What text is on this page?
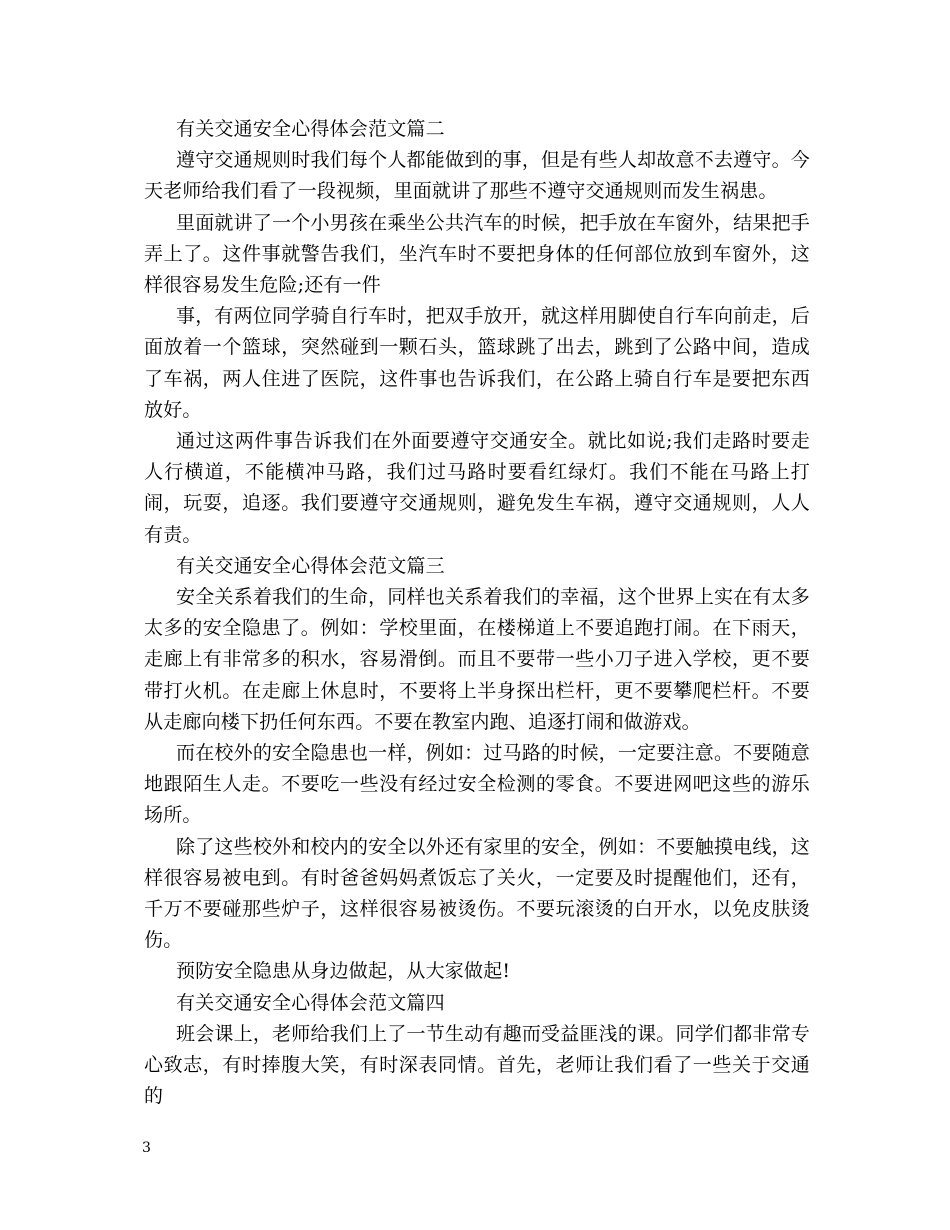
有关交通安全心得体会范文篇二

遵守交通规则时我们每个人都能做到的事，但是有些人却故意不去遵守。今天老师给我们看了一段视频，里面就讲了那些不遵守交通规则而发生祸患。

里面就讲了一个小男孩在乘坐公共汽车的时候，把手放在车窗外，结果把手弄上了。这件事就警告我们，坐汽车时不要把身体的任何部位放到车窗外，这样很容易发生危险;还有一件

事，有两位同学骑自行车时，把双手放开，就这样用脚使自行车向前走，后面放着一个篮球，突然碰到一颗石头，篮球跳了出去，跳到了公路中间，造成了车祸，两人住进了医院，这件事也告诉我们，在公路上骑自行车是要把东西放好。

通过这两件事告诉我们在外面要遵守交通安全。就比如说;我们走路时要走人行横道，不能横冲马路，我们过马路时要看红绿灯。我们不能在马路上打闹，玩耍，追逐。我们要遵守交通规则，避免发生车祸，遵守交通规则，人人有责。

有关交通安全心得体会范文篇三

安全关系着我们的生命，同样也关系着我们的幸福，这个世界上实在有太多太多的安全隐患了。例如：学校里面，在楼梯道上不要追跑打闹。在下雨天，走廊上有非常多的积水，容易滑倒。而且不要带一些小刀子进入学校，更不要带打火机。在走廊上休息时，不要将上半身探出栏杆，更不要攀爬栏杆。不要从走廊向楼下扔任何东西。不要在教室内跑、追逐打闹和做游戏。

而在校外的安全隐患也一样，例如：过马路的时候，一定要注意。不要随意地跟陌生人走。不要吃一些没有经过安全检测的零食。不要进网吧这些的游乐场所。

除了这些校外和校内的安全以外还有家里的安全，例如：不要触摸电线，这样很容易被电到。有时爸爸妈妈煮饭忘了关火，一定要及时提醒他们，还有，千万不要碰那些炉子，这样很容易被烫伤。不要玩滚烫的白开水，以免皮肤烫伤。

预防安全隐患从身边做起，从大家做起!

有关交通安全心得体会范文篇四

班会课上，老师给我们上了一节生动有趣而受益匪浅的课。同学们都非常专心致志，有时捧腹大笑，有时深表同情。首先，老师让我们看了一些关于交通的

3
